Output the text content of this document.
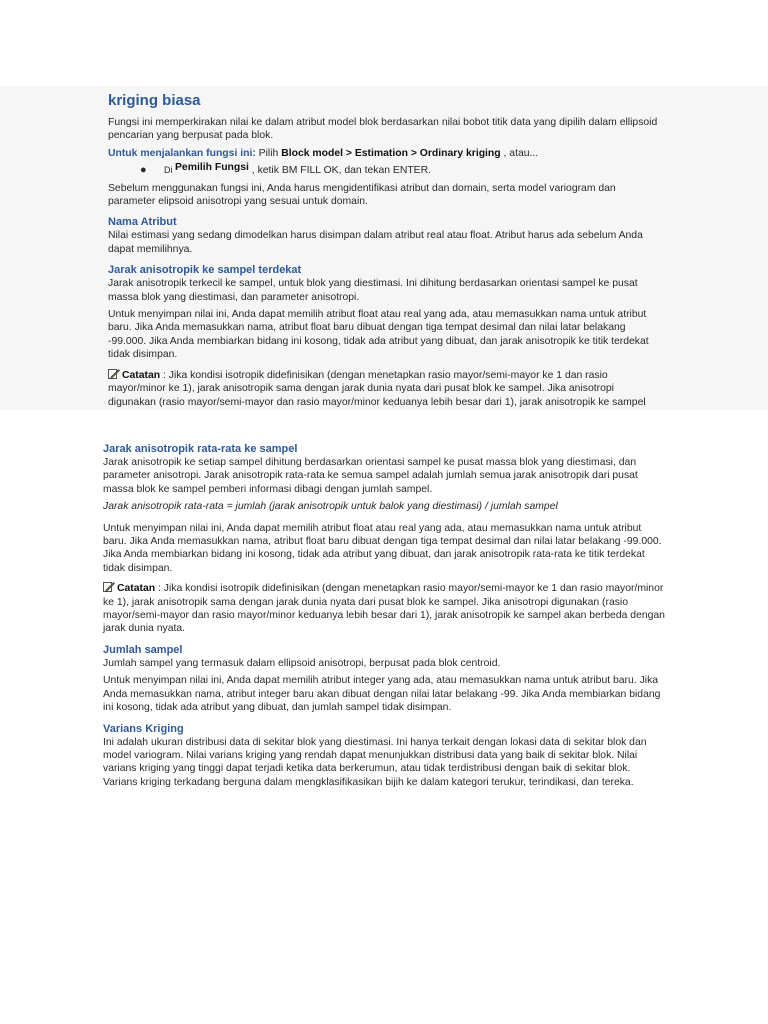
kriging biasa
Fungsi ini memperkirakan nilai ke dalam atribut model blok berdasarkan nilai bobot titik data yang dipilih dalam ellipsoid pencarian yang berpusat pada blok.
Untuk menjalankan fungsi ini: Pilih Block model > Estimation > Ordinary kriging , atau...
● Di Pemilih Fungsi , ketik BM FILL OK, dan tekan ENTER.
Sebelum menggunakan fungsi ini, Anda harus mengidentifikasi atribut dan domain, serta model variogram dan parameter elipsoid anisotropi yang sesuai untuk domain.
Nama Atribut
Nilai estimasi yang sedang dimodelkan harus disimpan dalam atribut real atau float. Atribut harus ada sebelum Anda dapat memilihnya.
Jarak anisotropik ke sampel terdekat
Jarak anisotropik terkecil ke sampel, untuk blok yang diestimasi. Ini dihitung berdasarkan orientasi sampel ke pusat massa blok yang diestimasi, dan parameter anisotropi.
Untuk menyimpan nilai ini, Anda dapat memilih atribut float atau real yang ada, atau memasukkan nama untuk atribut baru. Jika Anda memasukkan nama, atribut float baru dibuat dengan tiga tempat desimal dan nilai latar belakang -99.000. Jika Anda membiarkan bidang ini kosong, tidak ada atribut yang dibuat, dan jarak anisotropik ke titik terdekat tidak disimpan.
Catatan : Jika kondisi isotropik didefinisikan (dengan menetapkan rasio mayor/semi-mayor ke 1 dan rasio mayor/minor ke 1), jarak anisotropik sama dengan jarak dunia nyata dari pusat blok ke sampel. Jika anisotropi digunakan (rasio mayor/semi-mayor dan rasio mayor/minor keduanya lebih besar dari 1), jarak anisotropik ke sampel
Jarak anisotropik rata-rata ke sampel
Jarak anisotropik ke setiap sampel dihitung berdasarkan orientasi sampel ke pusat massa blok yang diestimasi, dan parameter anisotropi. Jarak anisotropik rata-rata ke semua sampel adalah jumlah semua jarak anisotropik dari pusat massa blok ke sampel pemberi informasi dibagi dengan jumlah sampel.
Jarak anisotropik rata-rata = jumlah (jarak anisotropik untuk balok yang diestimasi) / jumlah sampel
Untuk menyimpan nilai ini, Anda dapat memilih atribut float atau real yang ada, atau memasukkan nama untuk atribut baru. Jika Anda memasukkan nama, atribut float baru dibuat dengan tiga tempat desimal dan nilai latar belakang -99.000. Jika Anda membiarkan bidang ini kosong, tidak ada atribut yang dibuat, dan jarak anisotropik rata-rata ke titik terdekat tidak disimpan.
Catatan : Jika kondisi isotropik didefinisikan (dengan menetapkan rasio mayor/semi-mayor ke 1 dan rasio mayor/minor ke 1), jarak anisotropik sama dengan jarak dunia nyata dari pusat blok ke sampel. Jika anisotropi digunakan (rasio mayor/semi-mayor dan rasio mayor/minor keduanya lebih besar dari 1), jarak anisotropik ke sampel akan berbeda dengan jarak dunia nyata.
Jumlah sampel
Jumlah sampel yang termasuk dalam ellipsoid anisotropi, berpusat pada blok centroid.
Untuk menyimpan nilai ini, Anda dapat memilih atribut integer yang ada, atau memasukkan nama untuk atribut baru. Jika Anda memasukkan nama, atribut integer baru akan dibuat dengan nilai latar belakang -99. Jika Anda membiarkan bidang ini kosong, tidak ada atribut yang dibuat, dan jumlah sampel tidak disimpan.
Varians Kriging
Ini adalah ukuran distribusi data di sekitar blok yang diestimasi. Ini hanya terkait dengan lokasi data di sekitar blok dan model variogram. Nilai varians kriging yang rendah dapat menunjukkan distribusi data yang baik di sekitar blok. Nilai varians kriging yang tinggi dapat terjadi ketika data berkerumun, atau tidak terdistribusi dengan baik di sekitar blok. Varians kriging terkadang berguna dalam mengklasifikasikan bijih ke dalam kategori terukur, terindikasi, dan tereka.
